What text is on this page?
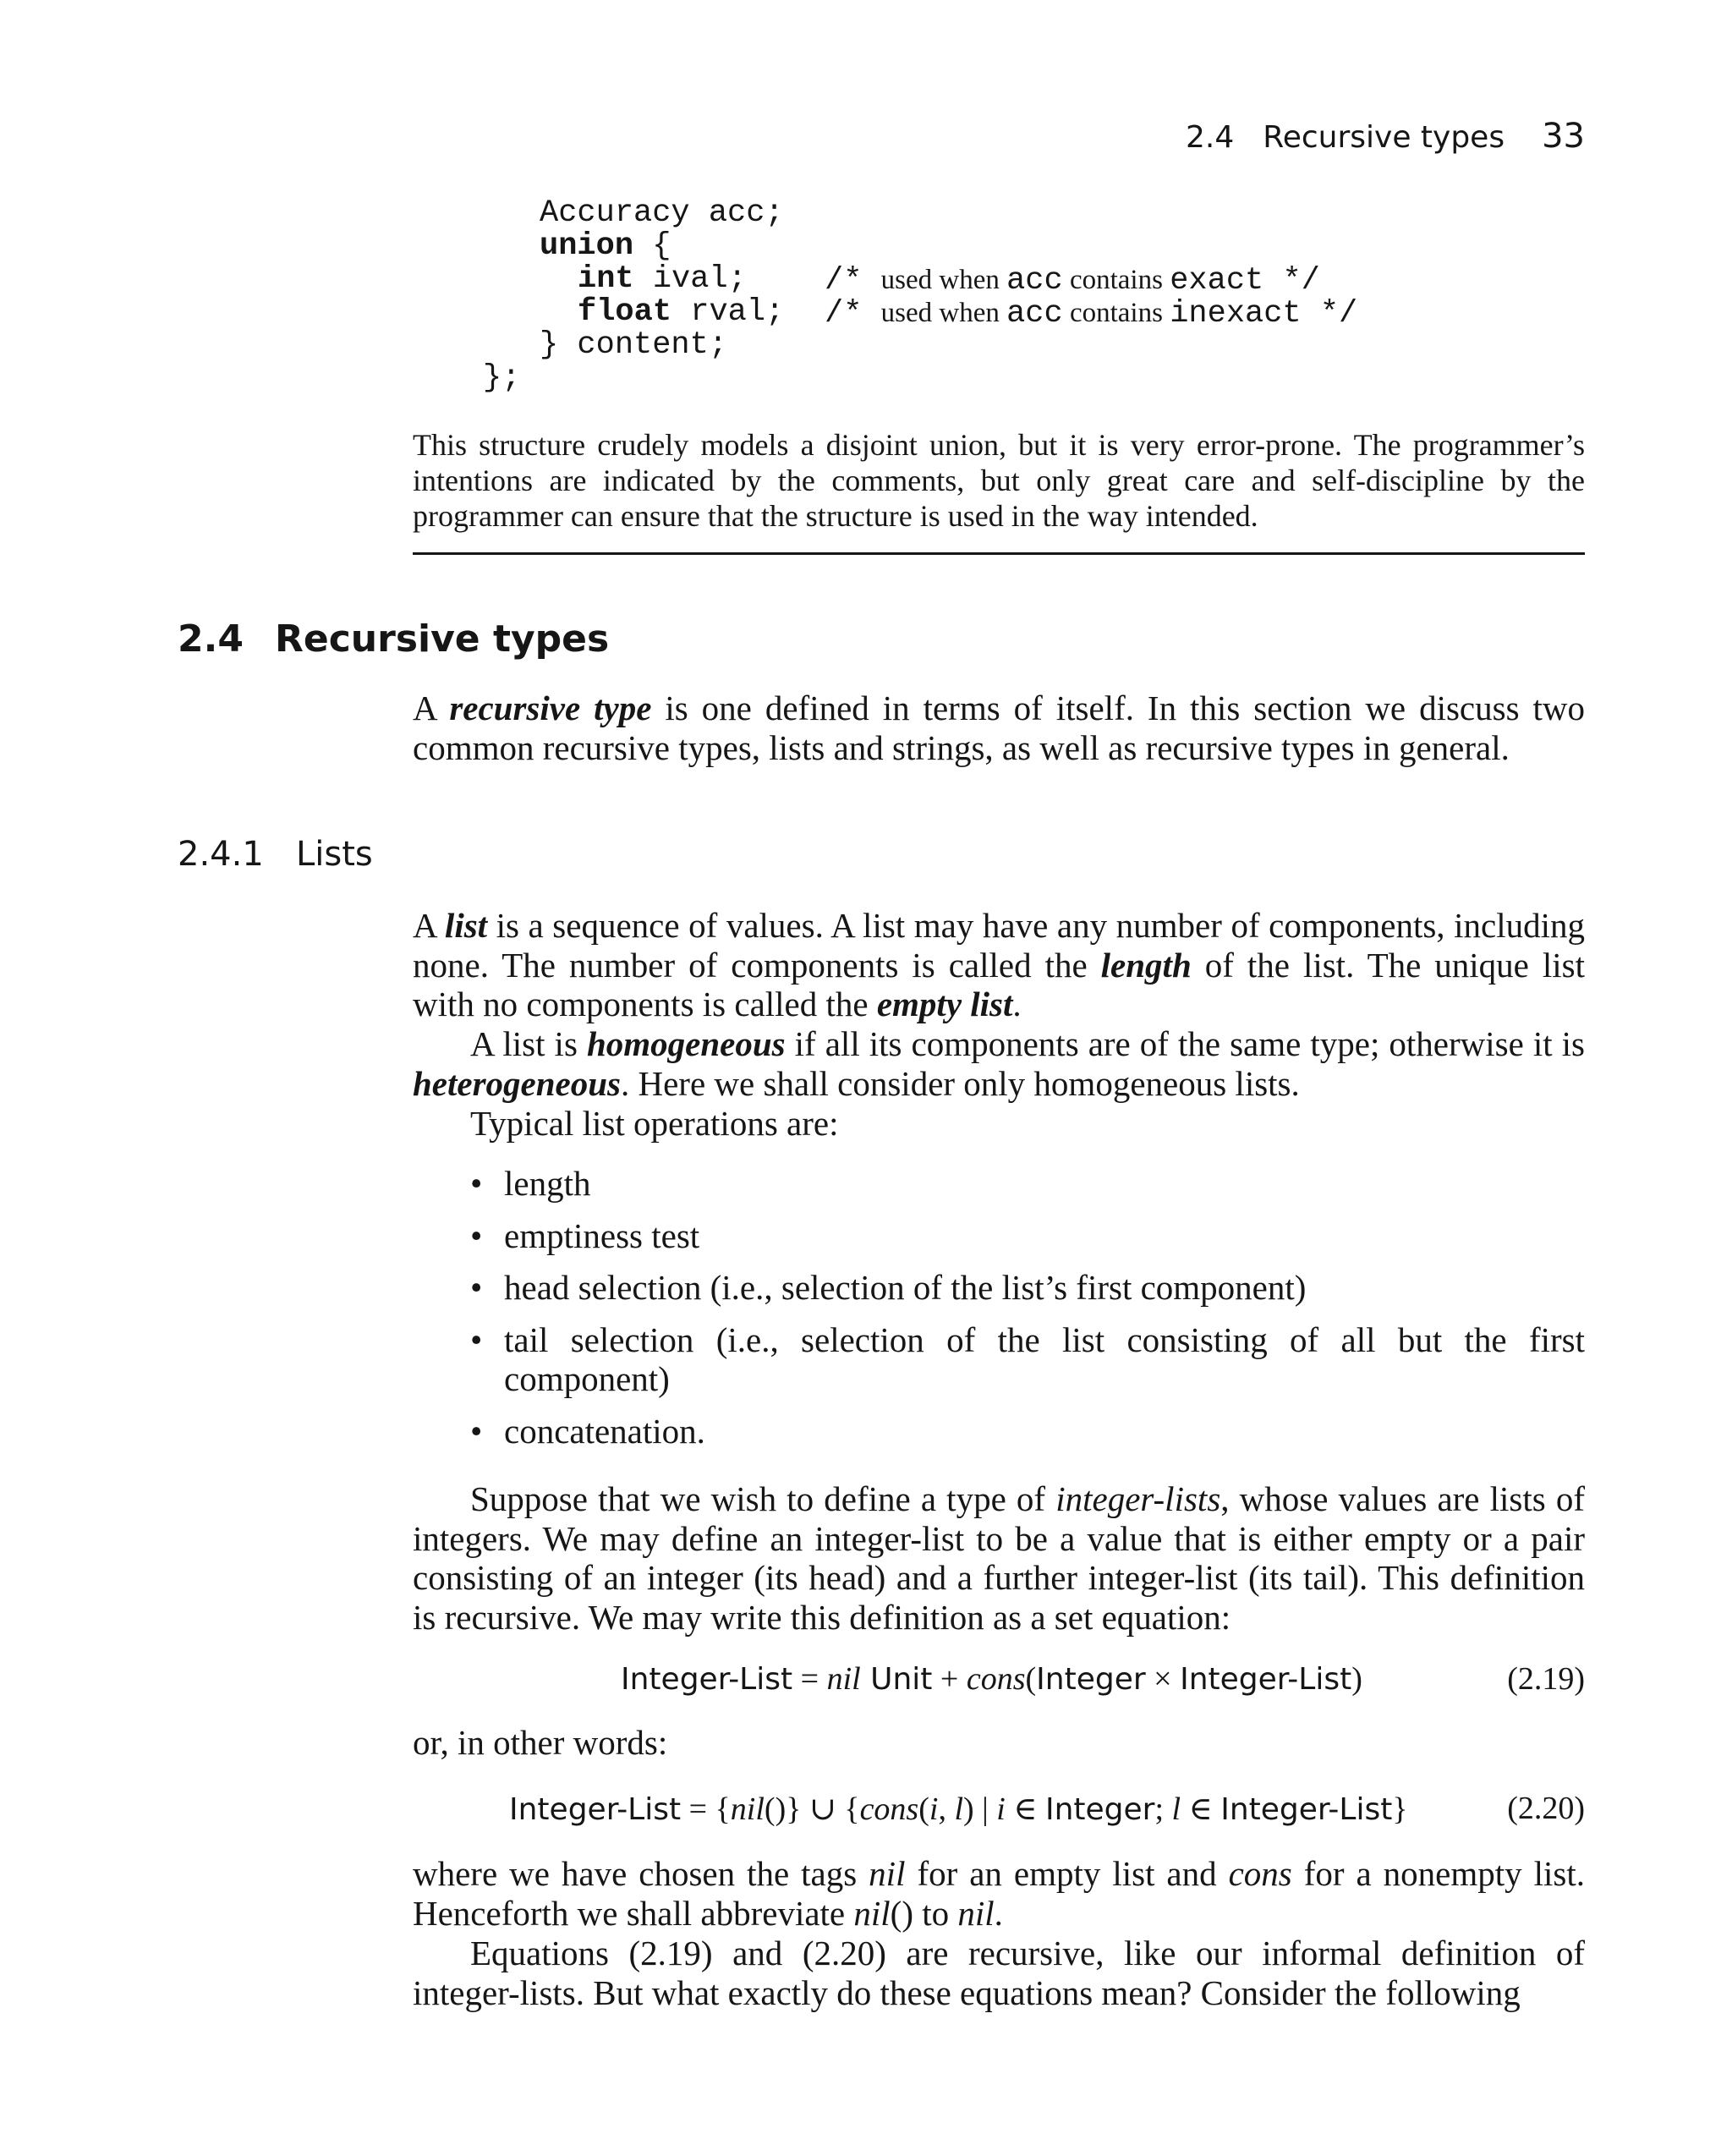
2.4 Recursive types 33
Accuracy acc;
union {
int ival;
float rval;
} content;
};
/* used when acc contains exact */
/* used when acc contains inexact */
This structure crudely models a disjoint union, but it is very error-prone. The programmer’s intentions are indicated by the comments, but only great care and self-discipline by the programmer can ensure that the structure is used in the way intended.
2.4 Recursive types
A recursive type is one defined in terms of itself. In this section we discuss two common recursive types, lists and strings, as well as recursive types in general.
2.4.1 Lists
A list is a sequence of values. A list may have any number of components, including none. The number of components is called the length of the list. The unique list with no components is called the empty list.
A list is homogeneous if all its components are of the same type; otherwise it is heterogeneous. Here we shall consider only homogeneous lists.
Typical list operations are:
• length
• emptiness test
• head selection (i.e., selection of the list’s first component)
• tail selection (i.e., selection of the list consisting of all but the first component)
• concatenation.
Suppose that we wish to define a type of integer-lists, whose values are lists of integers. We may define an integer-list to be a value that is either empty or a pair consisting of an integer (its head) and a further integer-list (its tail). This definition is recursive. We may write this definition as a set equation:
Integer-List = nil Unit + cons(Integer × Integer-List)	(2.19)
or, in other words:
Integer-List = {nil()} ∪ {cons(i, l) | i ∈ Integer; l ∈ Integer-List}	(2.20)
where we have chosen the tags nil for an empty list and cons for a nonempty list. Henceforth we shall abbreviate nil() to nil.
Equations (2.19) and (2.20) are recursive, like our informal definition of integer-lists. But what exactly do these equations mean? Consider the following
